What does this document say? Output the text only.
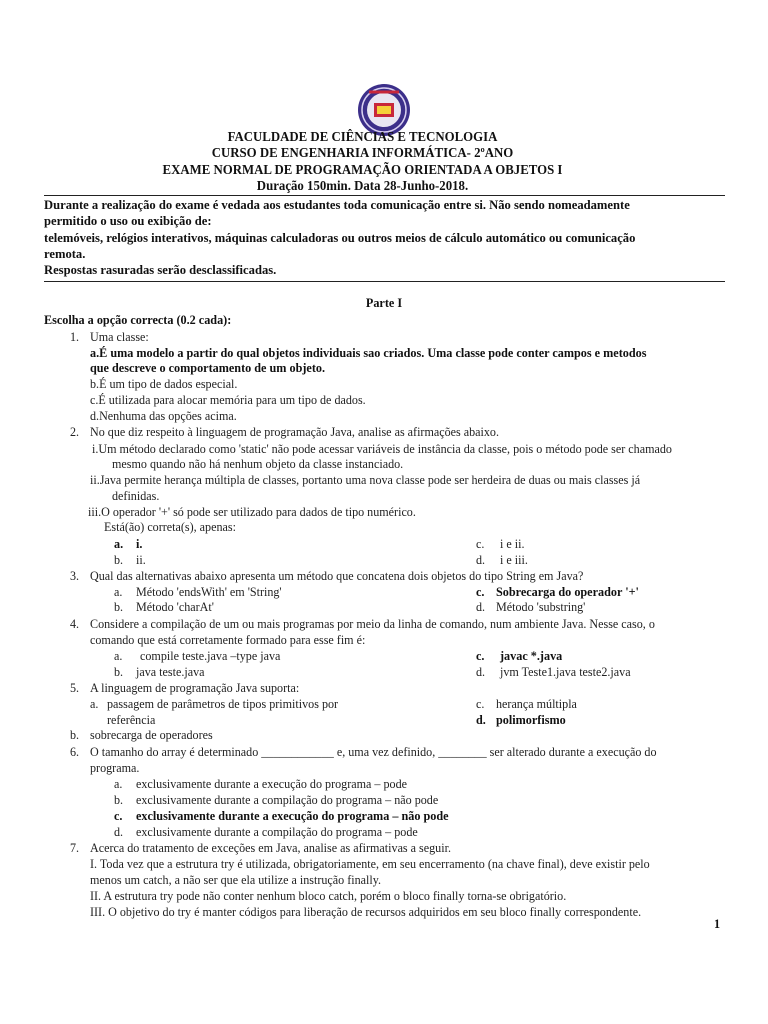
FACULDADE DE CIÊNCIAS E TECNOLOGIA
CURSO DE ENGENHARIA INFORMÁTICA- 2ºANO
EXAME NORMAL DE PROGRAMAÇÃO ORIENTADA A OBJETOS I
Duração 150min. Data 28-Junho-2018.
Durante a realização do exame é vedada aos estudantes toda comunicação entre si. Não sendo nomeadamente
permitido o uso ou exibição de:
telemóveis, relógios interativos, máquinas calculadoras ou outros meios de cálculo automático ou comunicação
remota.
Respostas rasuradas serão desclassificadas.
Parte I
Escolha a opção correcta (0.2 cada):
1. Uma classe:
a.É uma modelo a partir do qual objetos individuais sao criados. Uma classe pode conter campos e metodos
que descreve o comportamento de um objeto.
b.É um tipo de dados especial.
c.É utilizada para alocar memória para um tipo de dados.
d.Nenhuma das opções acima.
2. No que diz respeito à linguagem de programação Java, analise as afirmações abaixo.
i.Um método declarado como 'static' não pode acessar variáveis de instância da classe, pois o método pode ser chamado
mesmo quando não há nenhum objeto da classe instanciado.
ii.Java permite herança múltipla de classes, portanto uma nova classe pode ser herdeira de duas ou mais classes já
definidas.
iii.O operador '+' só pode ser utilizado para dados de tipo numérico.
Está(ão) correta(s), apenas:
a. i.
b. ii.
c. i e ii.
d. i e iii.
3. Qual das alternativas abaixo apresenta um método que concatena dois objetos do tipo String em Java?
a. Método 'endsWith' em 'String'
b. Método 'charAt'
c. Sobrecarga do operador '+'
d. Método 'substring'
4. Considere a compilação de um ou mais programas por meio da linha de comando, num ambiente Java. Nesse caso, o
comando que está corretamente formado para esse fim é:
a. compile teste.java –type java
b. java teste.java
c. javac *.java
d. jvm Teste1.java teste2.java
5. A linguagem de programação Java suporta:
a. passagem de parâmetros de tipos primitivos por
referência
b. sobrecarga de operadores
c. herança múltipla
d. polimorfismo
6. O tamanho do array é determinado ____________ e, uma vez definido, ________ ser alterado durante a execução do
programa.
a. exclusivamente durante a execução do programa – pode
b. exclusivamente durante a compilação do programa – não pode
c. exclusivamente durante a execução do programa – não pode
d. exclusivamente durante a compilação do programa – pode
7. Acerca do tratamento de exceções em Java, analise as afirmativas a seguir.
I. Toda vez que a estrutura try é utilizada, obrigatoriamente, em seu encerramento (na chave final), deve existir pelo
menos um catch, a não ser que ela utilize a instrução finally.
II. A estrutura try pode não conter nenhum bloco catch, porém o bloco finally torna-se obrigatório.
III. O objetivo do try é manter códigos para liberação de recursos adquiridos em seu bloco finally correspondente.
1
